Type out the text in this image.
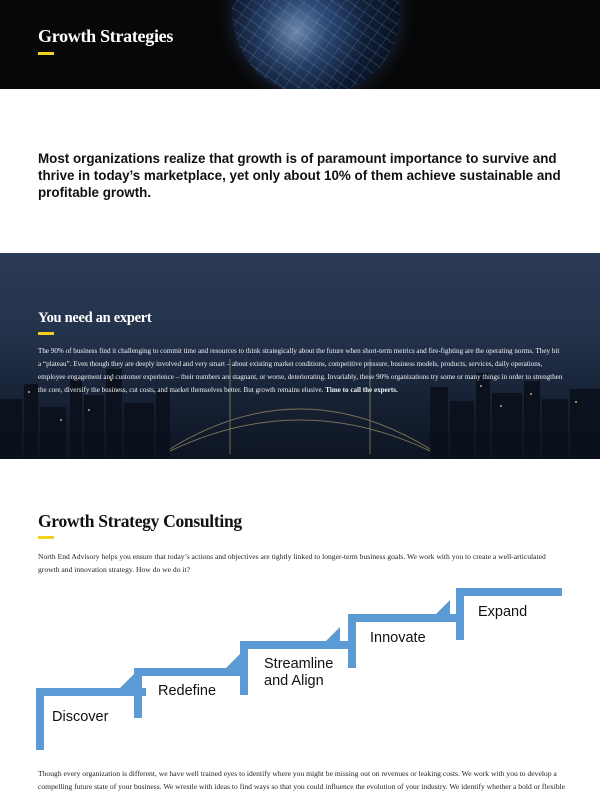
Growth Strategies

Most organizations realize that growth is of paramount importance to survive and thrive in today’s marketplace, yet only about 10% of them achieve sustainable and profitable growth.

You need an expert

The 90% of business find it challenging to commit time and resources to think strategically about the future when short-term metrics and fire-fighting are the operating norms. They hit a “plateau”. Even though they are deeply involved and very smart – about existing market conditions, competitive pressure, business models, products, services, daily operations, employee engagement and customer experience – their numbers are stagnant, or worse, deteriorating. Invariably, these 90% organizations try some or many things in order to strengthen the core, diversify the business, cut costs, and market themselves better. But growth remains elusive. Time to call the experts.

Growth Strategy Consulting

North End Advisory helps you ensure that today’s actions and objectives are tightly linked to longer-term business goals. We work with you to create a well-articulated growth and innovation strategy. How do we do it?

Discover
Redefine
Streamline
and Align
Innovate
Expand

Though every organization is different, we have well trained eyes to identify where you might be missing out on revenues or leaking costs. We work with you to develop a compelling future state of your business. We wrestle with ideas to find ways so that you could influence the evolution of your industry. We identify whether a bold or flexible
